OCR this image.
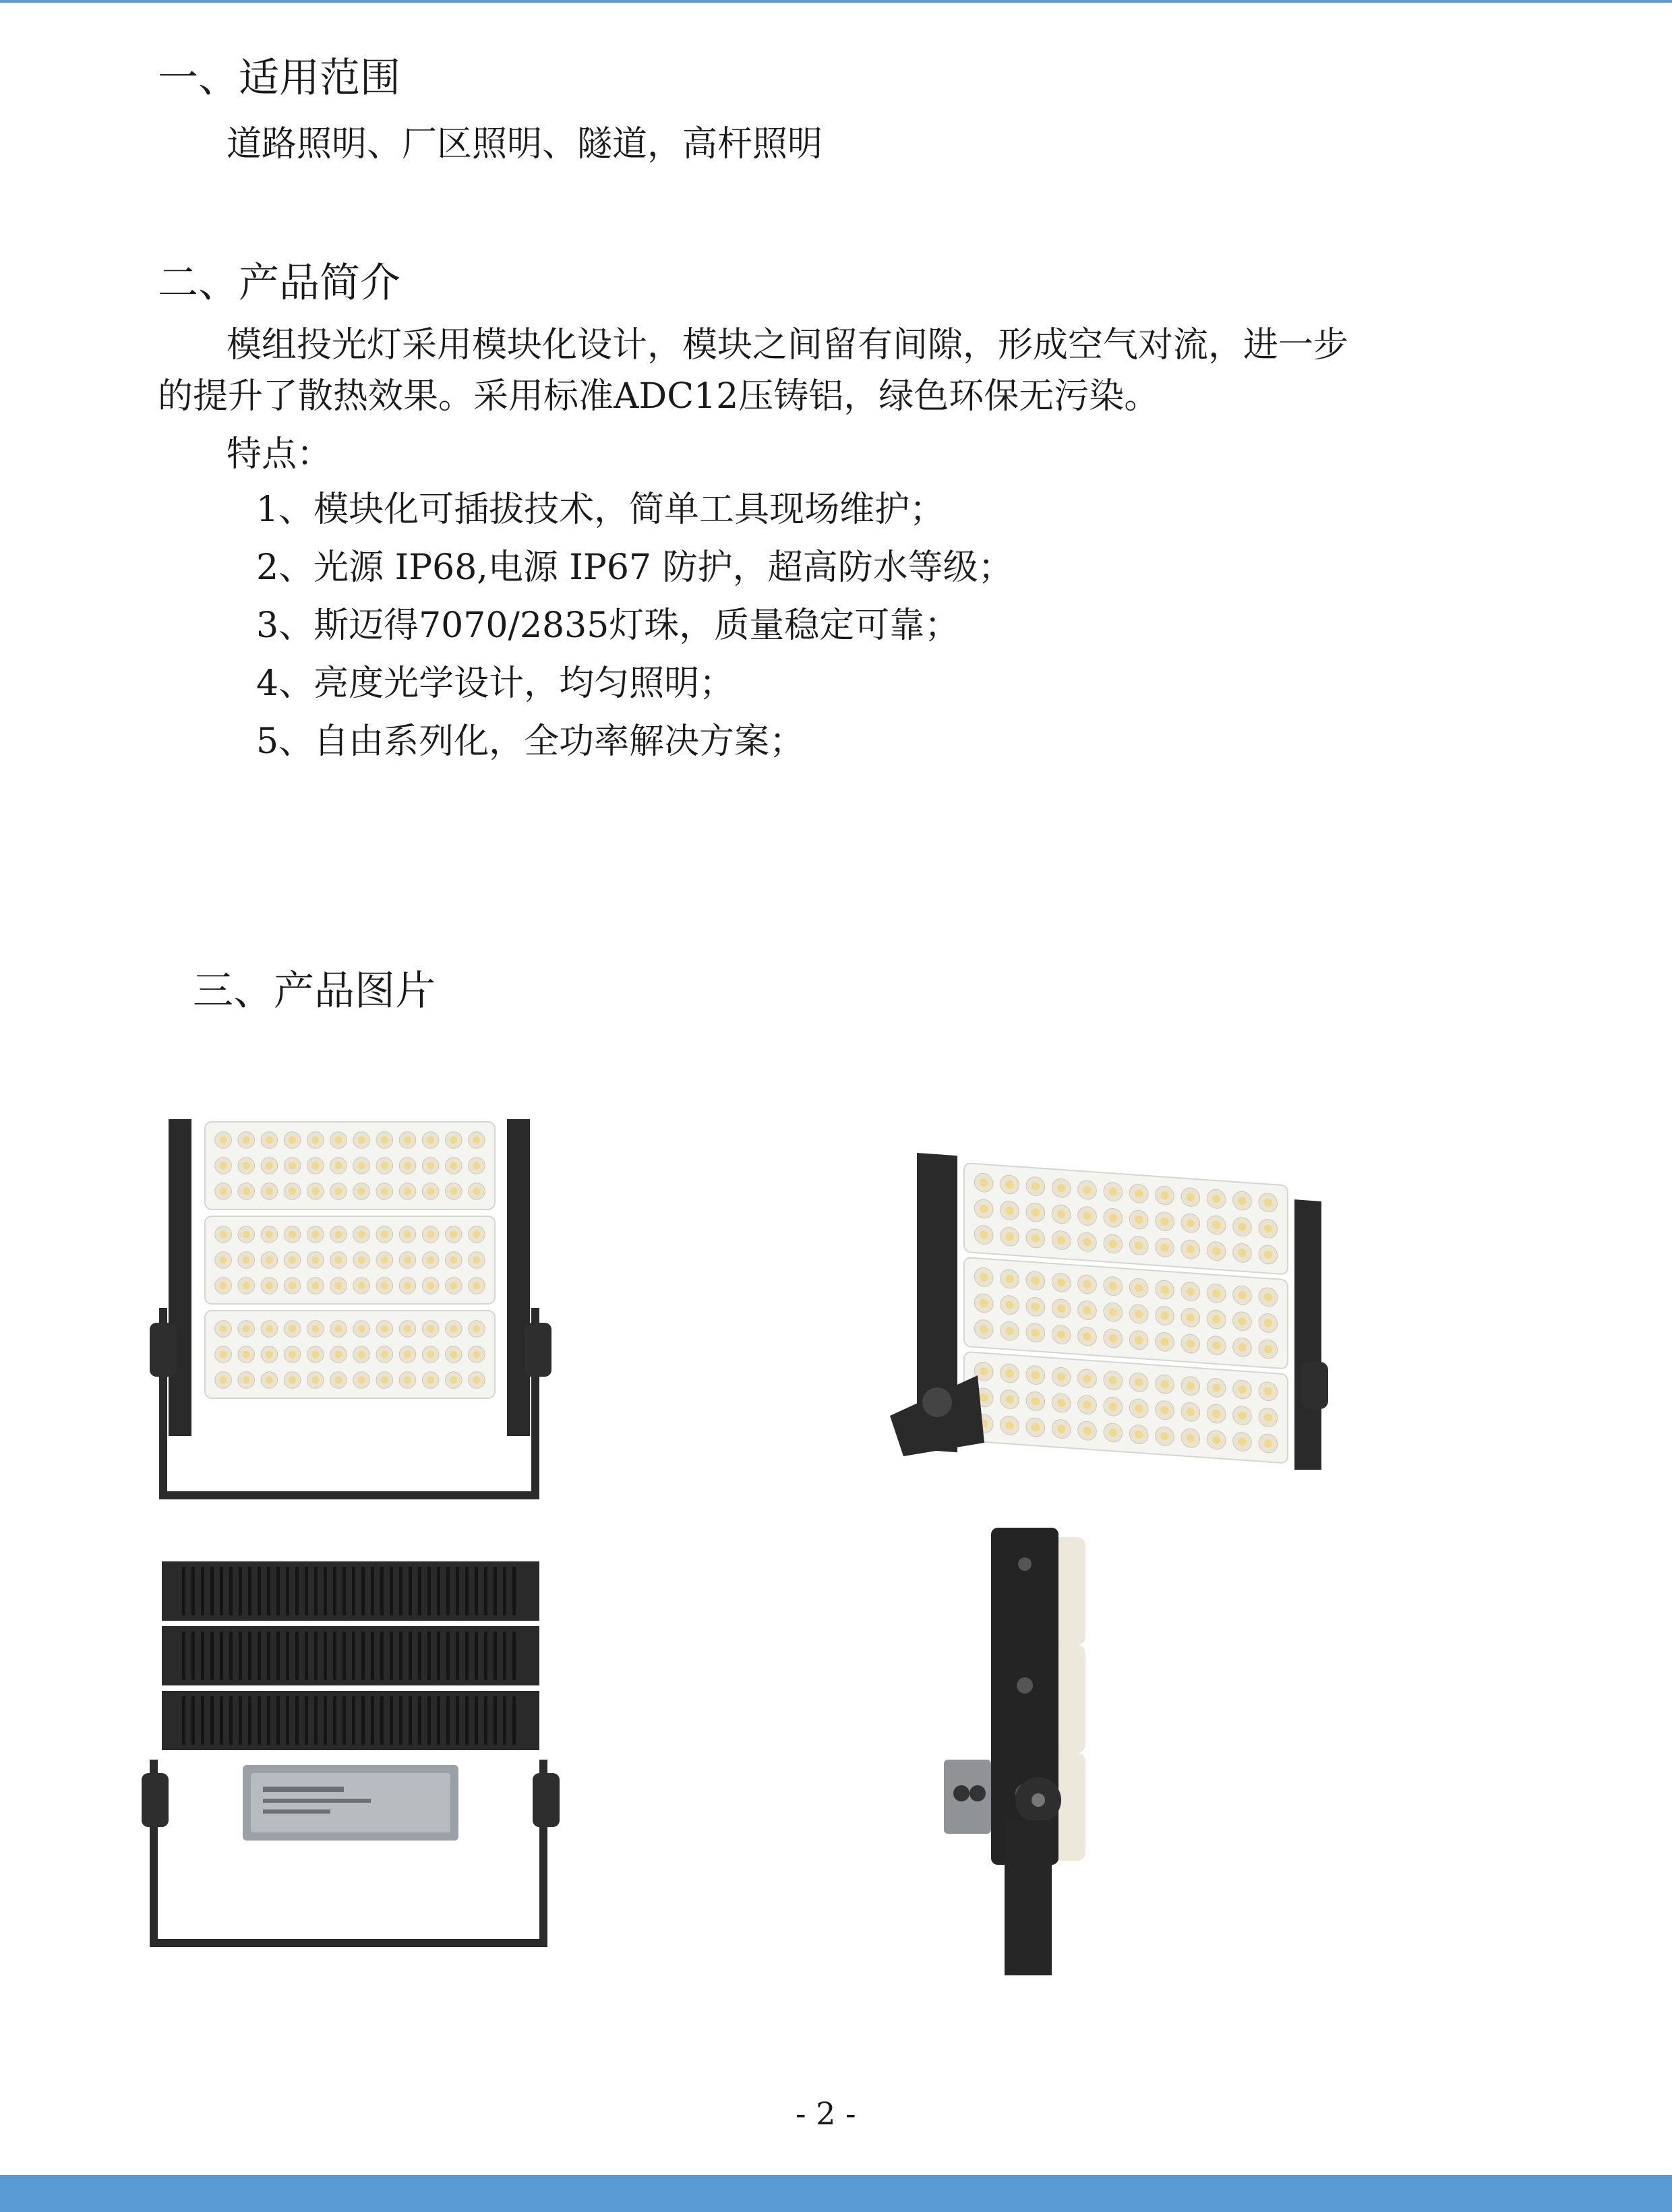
一、适用范围
道路照明、厂区照明、隧道，高杆照明
二、产品简介
模组投光灯采用模块化设计，模块之间留有间隙，形成空气对流，进一步
的提升了散热效果。采用标准ADC12压铸铝，绿色环保无污染。
特点：
1、模块化可插拔技术，简单工具现场维护；
2、光源 IP68,电源 IP67 防护，超高防水等级；
3、斯迈得7070/2835灯珠，质量稳定可靠；
4、亮度光学设计，均匀照明；
5、自由系列化，全功率解决方案；
三、产品图片
- 2 -
